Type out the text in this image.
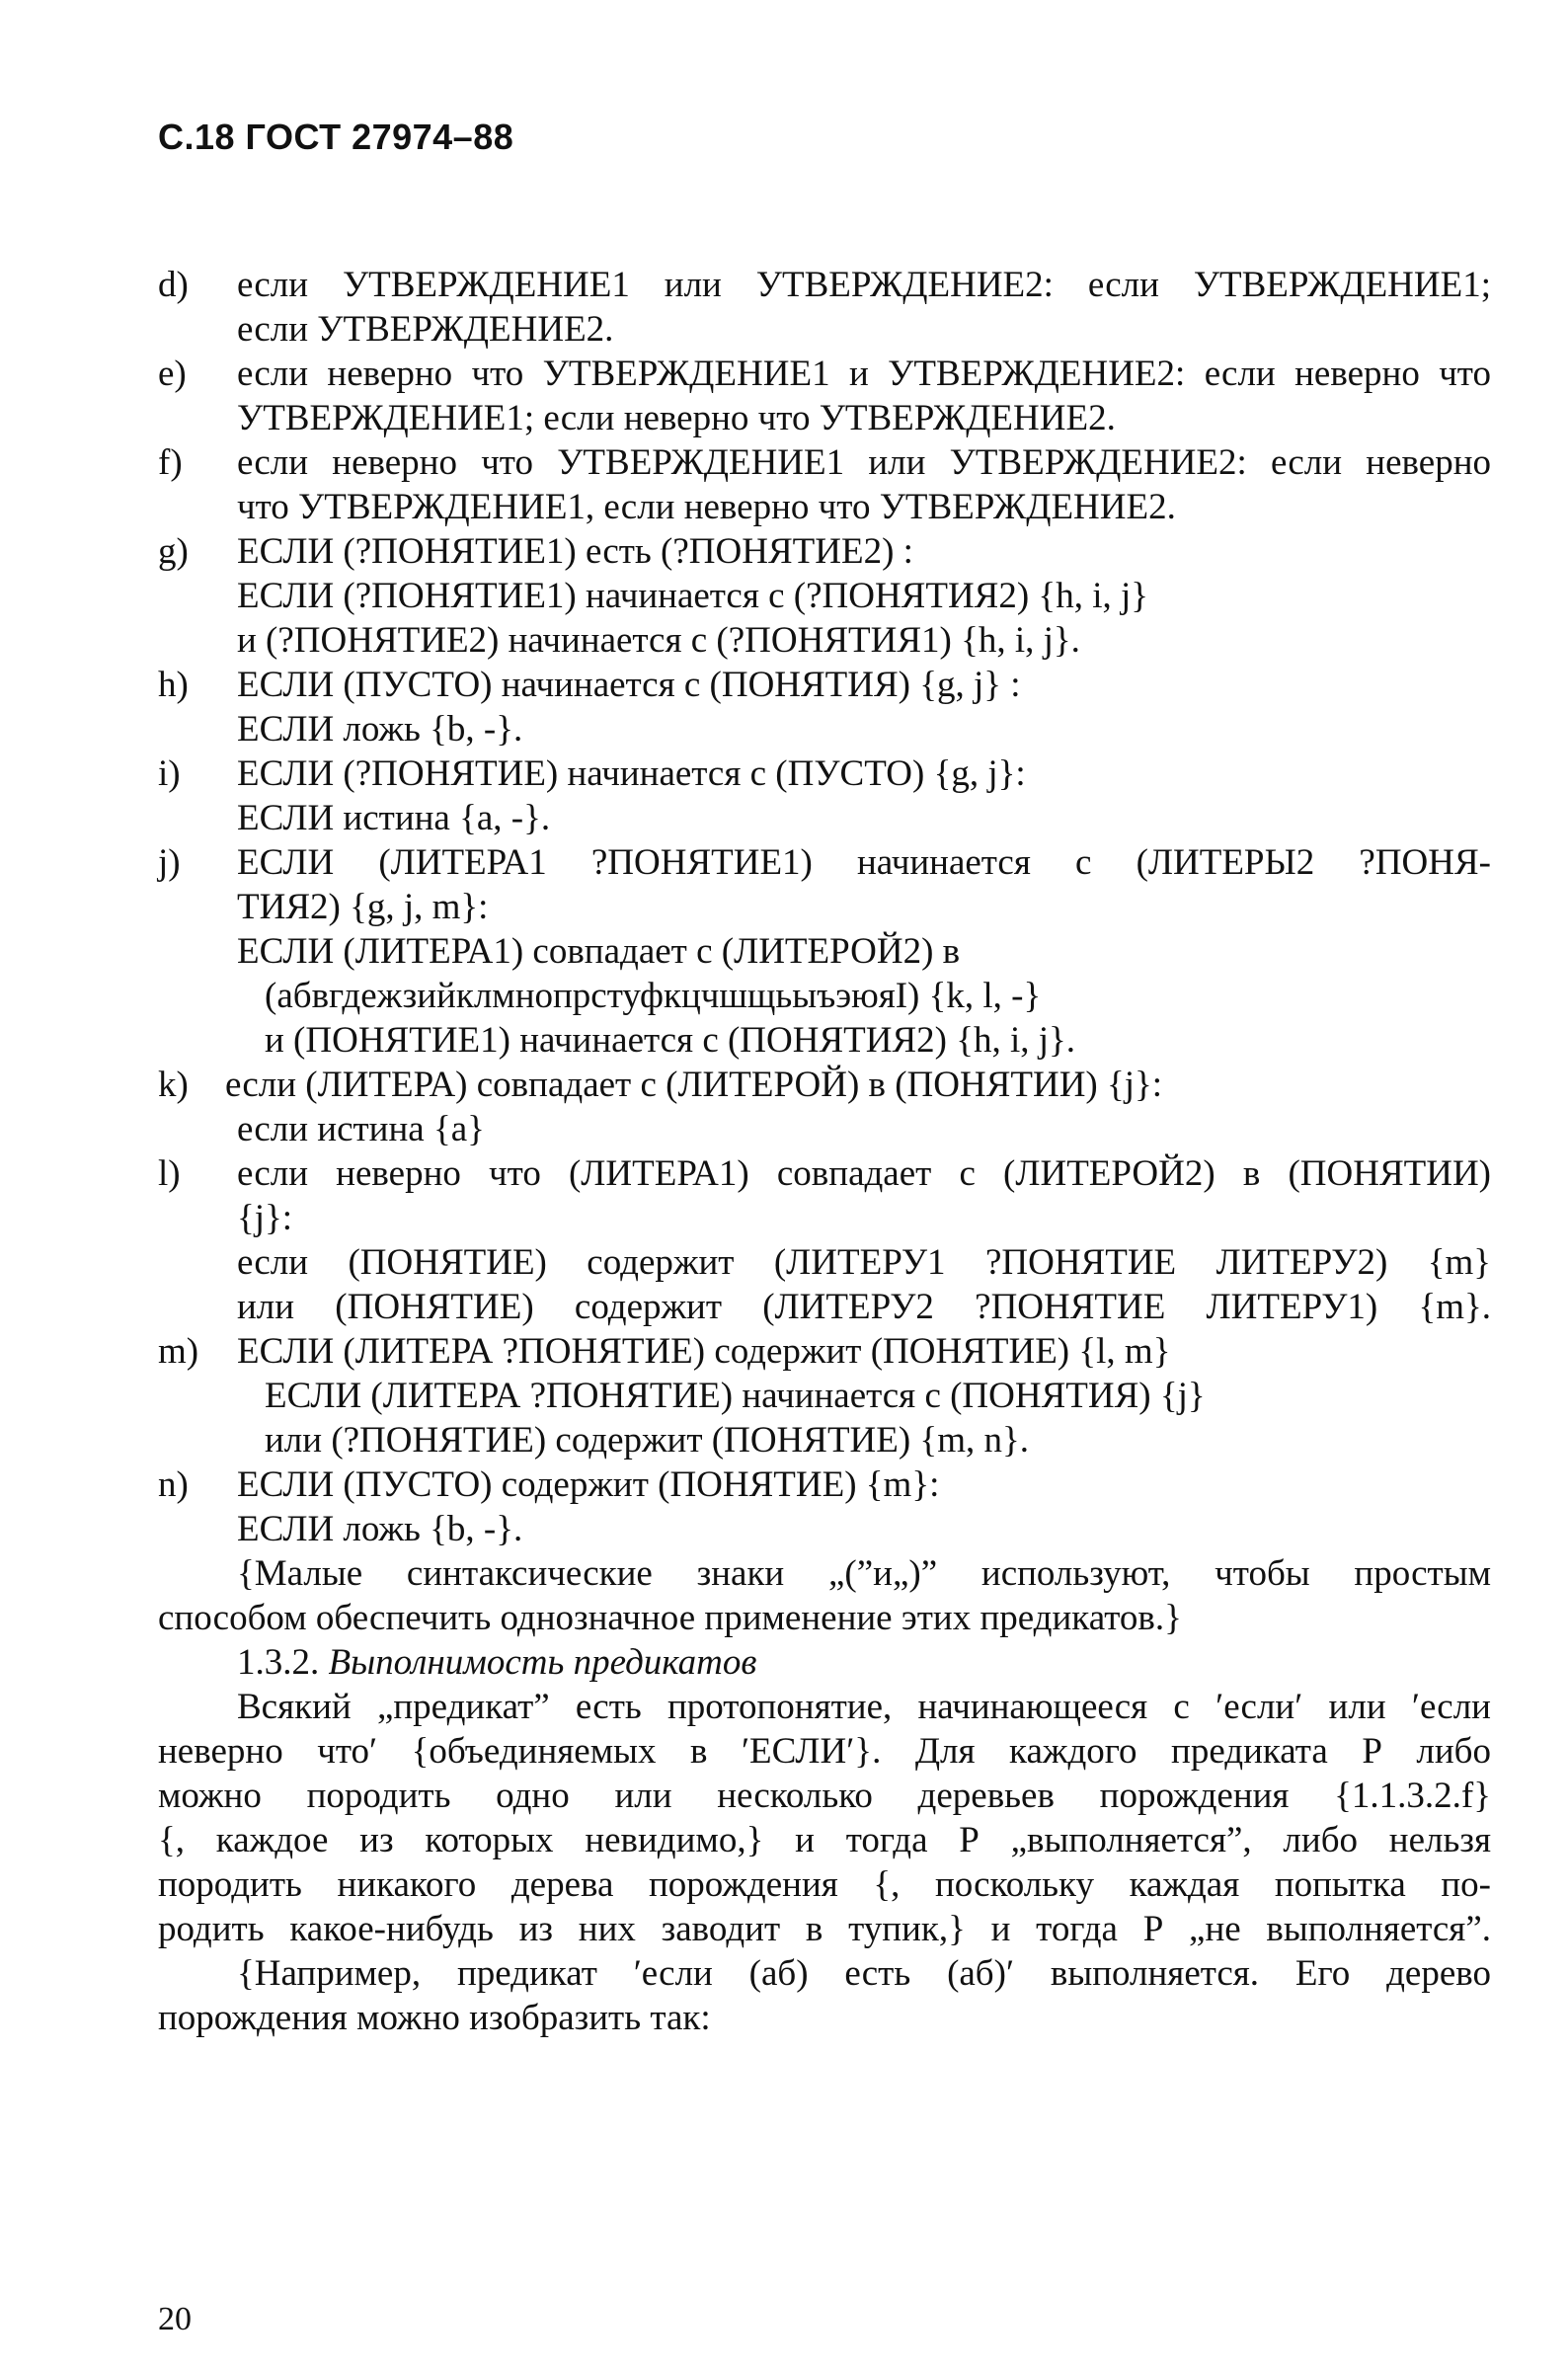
С.18 ГОСТ 27974–88
d)	если УТВЕРЖДЕНИЕ1 или УТВЕРЖДЕНИЕ2: если УТВЕРЖДЕНИЕ1;
если УТВЕРЖДЕНИЕ2.
e)	если неверно что УТВЕРЖДЕНИЕ1 и УТВЕРЖДЕНИЕ2: если неверно что
УТВЕРЖДЕНИЕ1; если неверно что УТВЕРЖДЕНИЕ2.
f)	если неверно что УТВЕРЖДЕНИЕ1 или УТВЕРЖДЕНИЕ2: если неверно
что УТВЕРЖДЕНИЕ1, если неверно что УТВЕРЖДЕНИЕ2.
g)	ЕСЛИ (?ПОНЯТИЕ1) есть (?ПОНЯТИЕ2) :
ЕСЛИ (?ПОНЯТИЕ1) начинается с (?ПОНЯТИЯ2) {h, i, j}
и (?ПОНЯТИЕ2) начинается с (?ПОНЯТИЯ1) {h, i, j}.
h)	ЕСЛИ (ПУСТО) начинается с (ПОНЯТИЯ) {g, j} :
ЕСЛИ ложь {b, -}.
i)	ЕСЛИ (?ПОНЯТИЕ) начинается с (ПУСТО) {g, j}:
ЕСЛИ истина {a, -}.
j)	ЕСЛИ (ЛИТЕРА1 ?ПОНЯТИЕ1) начинается с (ЛИТЕРЫ2 ?ПОНЯ-
ТИЯ2) {g, j, m}:
ЕСЛИ (ЛИТЕРА1) совпадает с (ЛИТЕРОЙ2) в
(абвгдежзийклмнопрстуфкцчшщьыъэюяI) {k, l, -}
и (ПОНЯТИЕ1) начинается с (ПОНЯТИЯ2) {h, i, j}.
k)	если (ЛИТЕРА) совпадает с (ЛИТЕРОЙ) в (ПОНЯТИИ) {j}:
если истина {a}
l)	если неверно что (ЛИТЕРА1) совпадает с (ЛИТЕРОЙ2) в (ПОНЯТИИ)
{j}:
если (ПОНЯТИЕ) содержит (ЛИТЕРУ1 ?ПОНЯТИЕ ЛИТЕРУ2) {m}
или (ПОНЯТИЕ) содержит (ЛИТЕРУ2 ?ПОНЯТИЕ ЛИТЕРУ1) {m}.
m)	ЕСЛИ (ЛИТЕРА ?ПОНЯТИЕ) содержит (ПОНЯТИЕ) {l, m}
ЕСЛИ (ЛИТЕРА ?ПОНЯТИЕ) начинается с (ПОНЯТИЯ) {j}
или (?ПОНЯТИЕ) содержит (ПОНЯТИЕ) {m, n}.
n)	ЕСЛИ (ПУСТО) содержит (ПОНЯТИЕ) {m}:
ЕСЛИ ложь {b, -}.
{Малые синтаксические знаки „(”и„)” используют, чтобы простым
способом обеспечить однозначное применение этих предикатов.}
1.3.2. Выполнимость предикатов
Всякий „предикат” есть протопонятие, начинающееся с ′если′ или ′если
неверно что′ {объединяемых в ′ЕСЛИ′}. Для каждого предиката Р либо
можно породить одно или несколько деревьев порождения {1.1.3.2.f}
{, каждое из которых невидимо,} и тогда Р „выполняется”, либо нельзя
породить никакого дерева порождения {, поскольку каждая попытка по-
родить какое-нибудь из них заводит в тупик,} и тогда Р „не выполняется”.
{Например, предикат ′если (аб) есть (аб)′ выполняется. Его дерево
порождения можно изобразить так:
20
